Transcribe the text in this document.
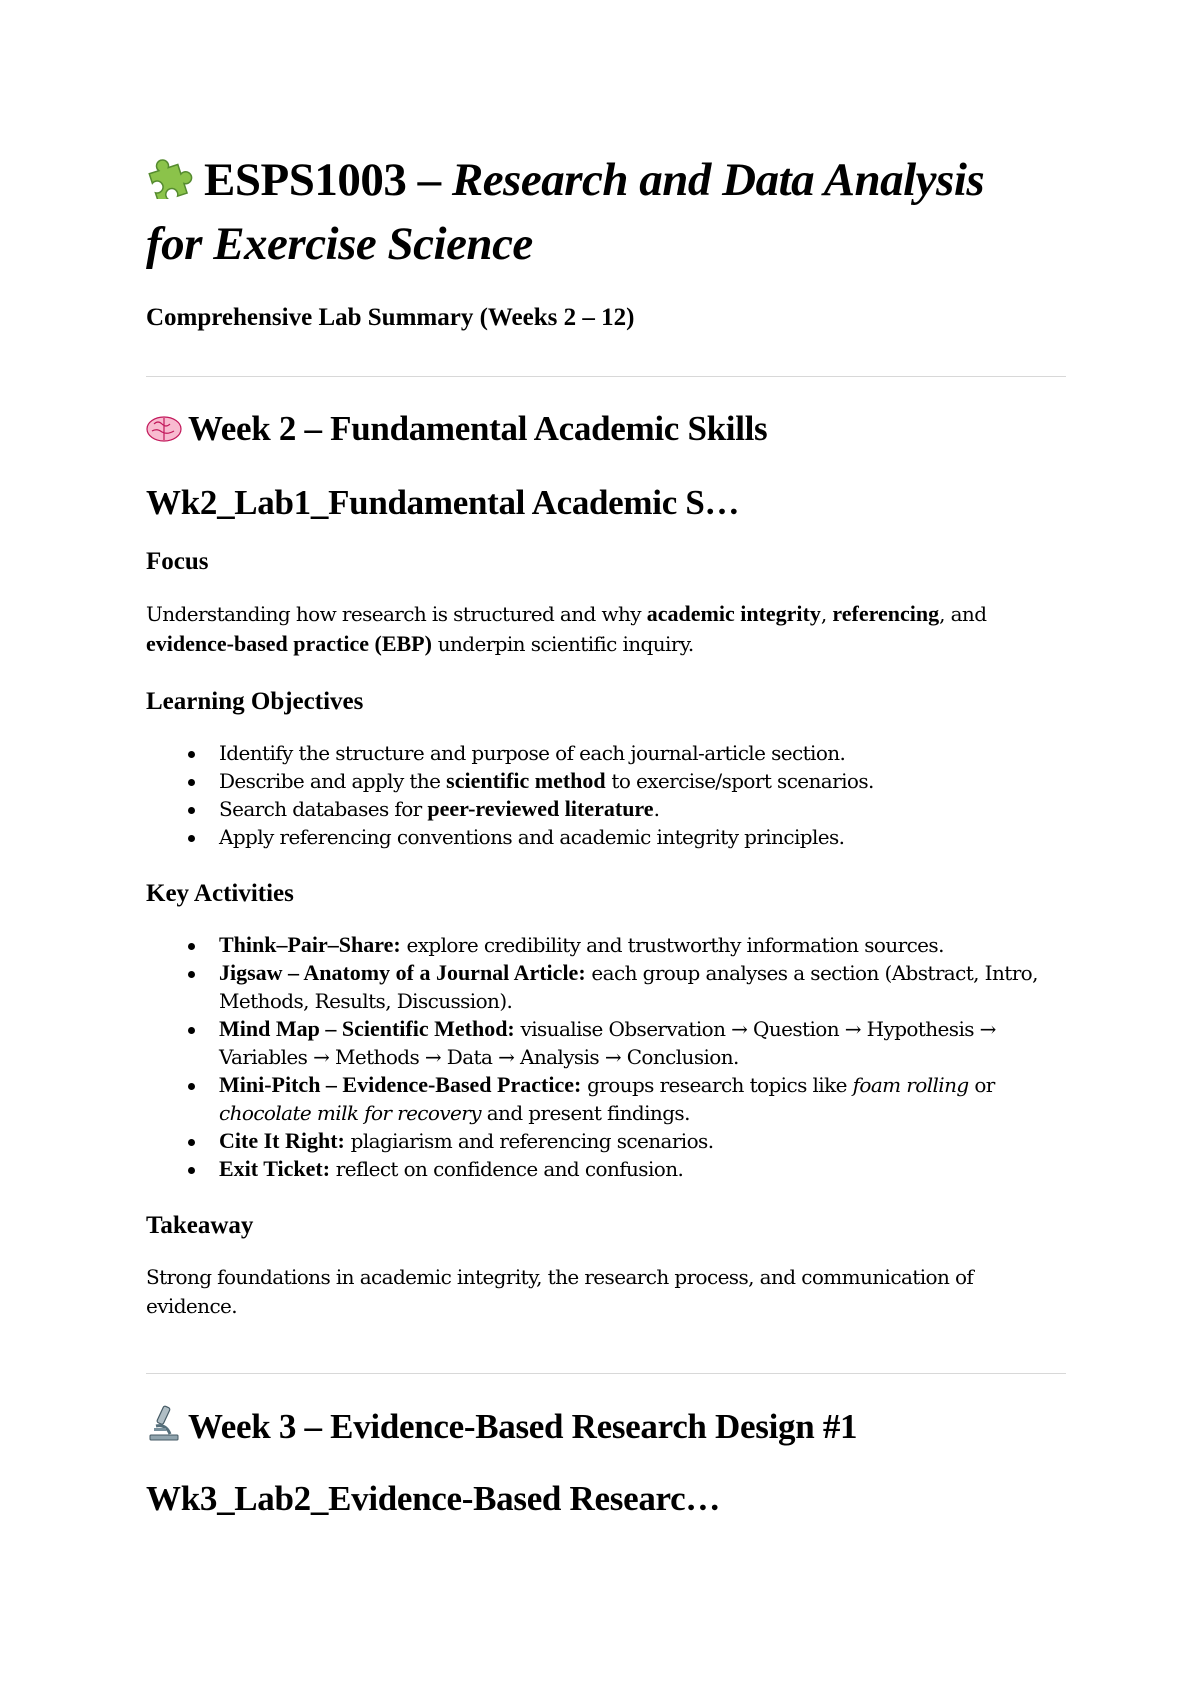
ESPS1003 – Research and Data Analysis
for Exercise Science
Comprehensive Lab Summary (Weeks 2 – 12)
Week 2 – Fundamental Academic Skills
Wk2_Lab1_Fundamental Academic S…
Focus

Understanding how research is structured and why academic integrity, referencing, and evidence-based practice (EBP) underpin scientific inquiry.

Learning Objectives
Identify the structure and purpose of each journal-article section.
Describe and apply the scientific method to exercise/sport scenarios.
Search databases for peer-reviewed literature.
Apply referencing conventions and academic integrity principles.
Key Activities
Think–Pair–Share: explore credibility and trustworthy information sources.
Jigsaw – Anatomy of a Journal Article: each group analyses a section (Abstract, Intro, Methods, Results, Discussion).
Mind Map – Scientific Method: visualise Observation → Question → Hypothesis → Variables → Methods → Data → Analysis → Conclusion.
Mini-Pitch – Evidence-Based Practice: groups research topics like foam rolling or chocolate milk for recovery and present findings.
Cite It Right: plagiarism and referencing scenarios.
Exit Ticket: reflect on confidence and confusion.
Takeaway

Strong foundations in academic integrity, the research process, and communication of evidence.

Week 3 – Evidence-Based Research Design #1
Wk3_Lab2_Evidence-Based Researc…
